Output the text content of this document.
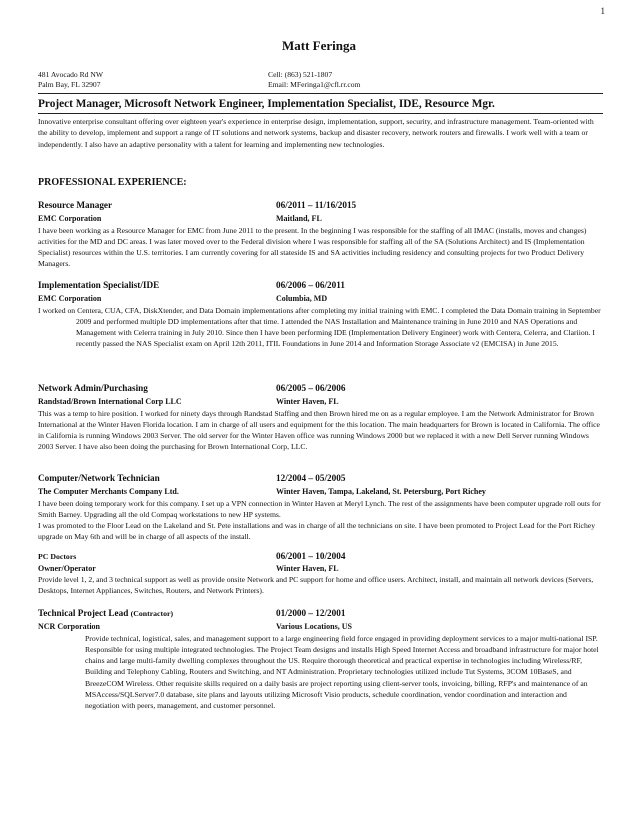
1
Matt Feringa
481 Avocado Rd NW
Palm Bay, FL 32907
Cell: (863) 521-1807
Email: MFeringa1@cfl.rr.com
Project Manager, Microsoft Network Engineer, Implementation Specialist, IDE, Resource Mgr.
Innovative enterprise consultant offering over eighteen year's experience in enterprise design, implementation, support, security, and infrastructure management. Team-oriented with the ability to develop, implement and support a range of IT solutions and network systems, backup and disaster recovery, network routers and firewalls. I work well with a team or independently. I also have an adaptive personality with a talent for learning and implementing new technologies.
PROFESSIONAL EXPERIENCE:
Resource Manager	06/2011 – 11/16/2015
EMC Corporation	Maitland, FL

I have been working as a Resource Manager for EMC from June 2011 to the present. In the beginning I was responsible for the staffing of all IMAC (installs, moves and changes) activities for the MD and DC areas. I was later moved over to the Federal division where I was responsible for staffing all of the SA (Solutions Architect) and IS (Implementation Specialist) resources within the U.S. territories. I am currently covering for all stateside IS and SA activities including residency and consulting projects for two Product Delivery Managers.

Implementation Specialist/IDE	06/2006 – 06/2011
EMC Corporation	Columbia, MD

I worked on Centera, CUA, CFA, DiskXtender, and Data Domain implementations after completing my initial training with EMC. I completed the Data Domain training in September 2009 and performed multiple DD implementations after that time. I attended the NAS Installation and Maintenance training in June 2010 and NAS Operations and Management with Celerra training in July 2010. Since then I have been performing IDE (Implementation Delivery Engineer) work with Centera, Celerra, and Clariion. I recently passed the NAS Specialist exam on April 12th 2011, ITIL Foundations in June 2014 and Information Storage Associate v2 (EMCISA) in June 2015.

Network Admin/Purchasing	06/2005 – 06/2006
Randstad/Brown International Corp LLC	Winter Haven, FL

This was a temp to hire position. I worked for ninety days through Randstad Staffing and then Brown hired me on as a regular employee. I am the Network Administrator for Brown International at the Winter Haven Florida location. I am in charge of all users and equipment for the this location. The main headquarters for Brown is located in California. The office in California is running Windows 2003 Server. The old server for the Winter Haven office was running Windows 2000 but we replaced it with a new Dell Server running Windows 2003 Server. I have also been doing the purchasing for Brown International Corp, LLC.

Computer/Network Technician	12/2004 – 05/2005
The Computer Merchants Company Ltd.	Winter Haven, Tampa, Lakeland, St. Petersburg, Port Richey

I have been doing temporary work for this company. I set up a VPN connection in Winter Haven at Meryl Lynch. The rest of the assignments have been computer upgrade roll outs for Smith Barney. Upgrading all the old Compaq workstations to new HP systems.

I was promoted to the Floor Lead on the Lakeland and St. Pete installations and was in charge of all the technicians on site. I have been promoted to Project Lead for the Port Richey upgrade on May 6th and will be in charge of all aspects of the install.

PC Doctors	06/2001 – 10/2004
Owner/Operator	Winter Haven, FL

Provide level 1, 2, and 3 technical support as well as provide onsite Network and PC support for home and office users. Architect, install, and maintain all network devices (Servers, Desktops, Internet Appliances, Switches, Routers, and Network Printers).

Technical Project Lead (Contractor)	01/2000 – 12/2001
NCR Corporation	Various Locations, US

Provide technical, logistical, sales, and management support to a large engineering field force engaged in providing deployment services to a major multi-national ISP. Responsible for using multiple integrated technologies. The Project Team designs and installs High Speed Internet Access and broadband infrastructure for major hotel chains and large multi-family dwelling complexes throughout the US. Require thorough theoretical and practical expertise in technologies including Wireless/RF, Building and Telephony Cabling, Routers and Switching, and NT Administration. Proprietary technologies utilized include Tut Systems, 3COM 10BaseS, and BreezeCOM Wireless. Other requisite skills required on a daily basis are project reporting using client-server tools, invoicing, billing, RFP's and maintenance of an MSAccess/SQLServer7.0 database, site plans and layouts utilizing Microsoft Visio products, schedule coordination, vendor coordination and interaction and negotiation with peers, management, and customer personnel.
